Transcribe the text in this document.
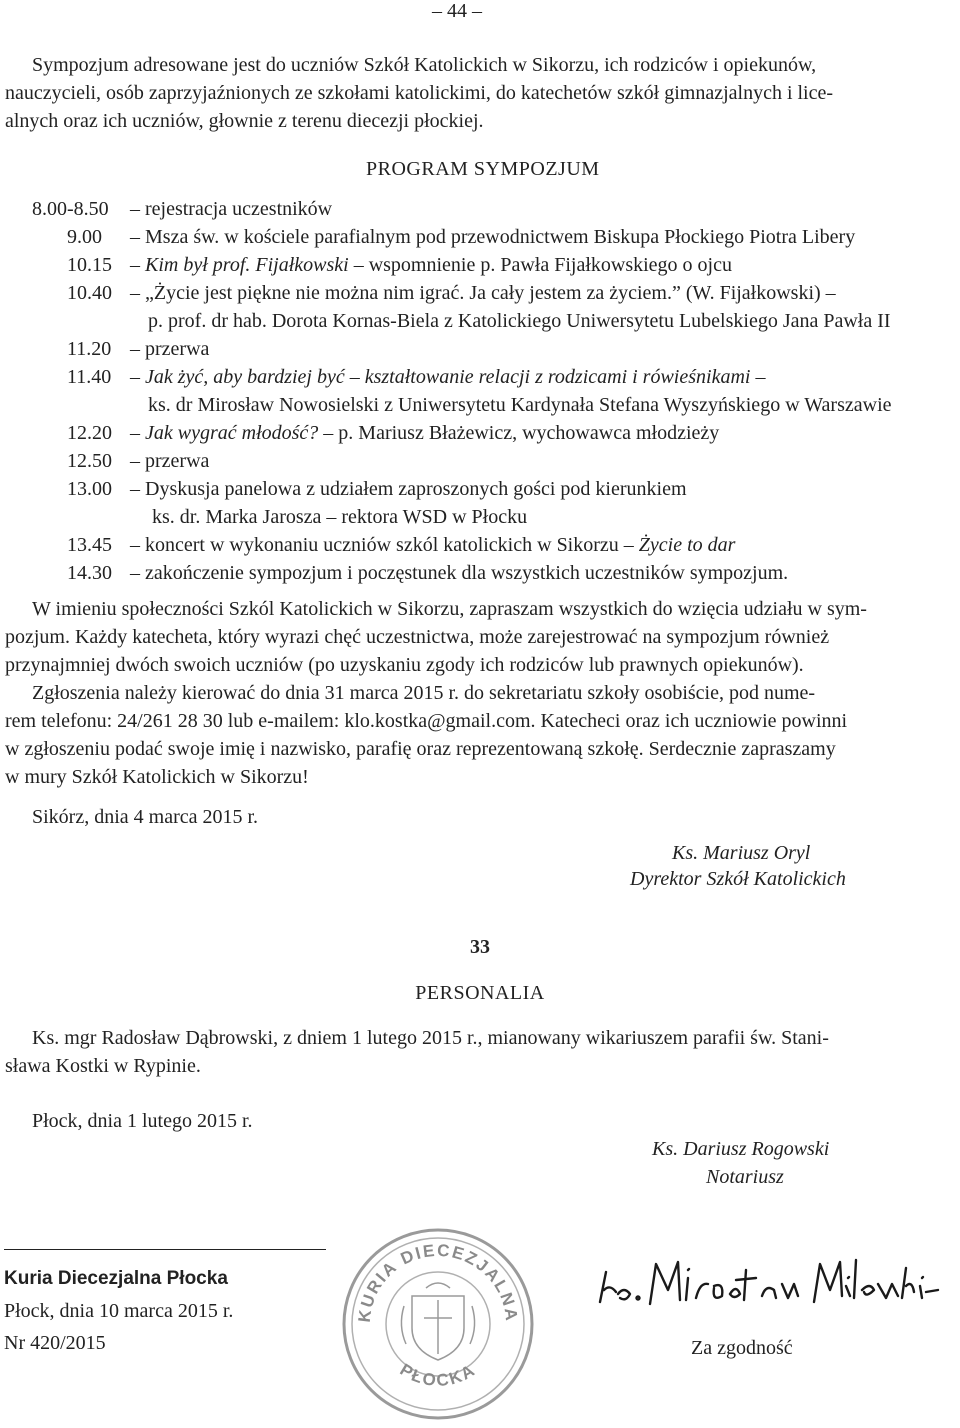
– 44 –
Sympozjum adresowane jest do uczniów Szkół Katolickich w Sikorzu, ich rodziców i opiekunów,
nauczycieli, osób zaprzyjaźnionych ze szkołami katolickimi, do katechetów szkół gimnazjalnych i lice-
alnych oraz ich uczniów, głownie z terenu diecezji płockiej.
PROGRAM SYMPOZJUM
8.00-8.50 – rejestracja uczestników
9.00 – Msza św. w kościele parafialnym pod przewodnictwem Biskupa Płockiego Piotra Libery
10.15 – Kim był prof. Fijałkowski – wspomnienie p. Pawła Fijałkowskiego o ojcu
10.40 – „Życie jest piękne nie można nim igrać. Ja cały jestem za życiem.” (W. Fijałkowski) –
p. prof. dr hab. Dorota Kornas-Biela z Katolickiego Uniwersytetu Lubelskiego Jana Pawła II
11.20 – przerwa
11.40 – Jak żyć, aby bardziej być – kształtowanie relacji z rodzicami i rówieśnikami –
ks. dr Mirosław Nowosielski z Uniwersytetu Kardynała Stefana Wyszyńskiego w Warszawie
12.20 – Jak wygrać młodość? – p. Mariusz Błażewicz, wychowawca młodzieży
12.50 – przerwa
13.00 – Dyskusja panelowa z udziałem zaproszonych gości pod kierunkiem
ks. dr. Marka Jarosza – rektora WSD w Płocku
13.45 – koncert w wykonaniu uczniów szkól katolickich w Sikorzu – Życie to dar
14.30 – zakończenie sympozjum i poczęstunek dla wszystkich uczestników sympozjum.
W imieniu społeczności Szkól Katolickich w Sikorzu, zapraszam wszystkich do wzięcia udziału w sym-
pozjum. Każdy katecheta, który wyrazi chęć uczestnictwa, może zarejestrować na sympozjum również
przynajmniej dwóch swoich uczniów (po uzyskaniu zgody ich rodziców lub prawnych opiekunów).
Zgłoszenia należy kierować do dnia 31 marca 2015 r. do sekretariatu szkoły osobiście, pod nume-
rem telefonu: 24/261 28 30 lub e-mailem: klo.kostka@gmail.com. Katecheci oraz ich uczniowie powinni
w zgłoszeniu podać swoje imię i nazwisko, parafię oraz reprezentowaną szkołę. Serdecznie zapraszamy
w mury Szkół Katolickich w Sikorzu!
Sikórz, dnia 4 marca 2015 r.
Ks. Mariusz Oryl
Dyrektor Szkół Katolickich
33
PERSONALIA
Ks. mgr Radosław Dąbrowski, z dniem 1 lutego 2015 r., mianowany wikariuszem parafii św. Stani-
sława Kostki w Rypinie.
Płock, dnia 1 lutego 2015 r.
Ks. Dariusz Rogowski
Notariusz
Kuria Diecezjalna Płocka
Płock, dnia 10 marca 2015 r.
Nr 420/2015
KURIA DIECEZJALNA
PŁOCKA
Za zgodność
